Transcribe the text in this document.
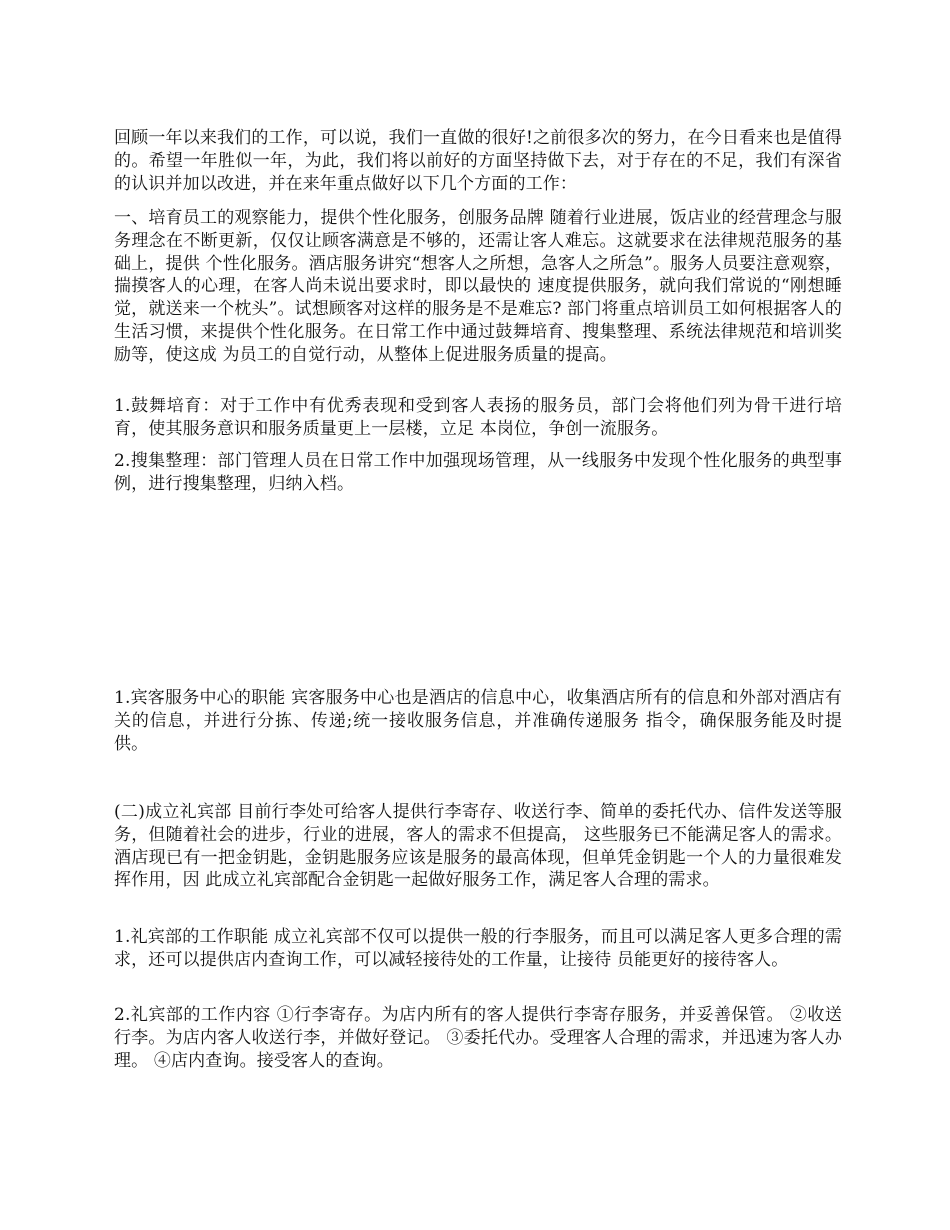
回顾一年以来我们的工作，可以说，我们一直做的很好!之前很多次的努力，在今日看来也是值得的。希望一年胜似一年，为此，我们将以前好的方面坚持做下去，对于存在的不足，我们有深省的认识并加以改进，并在来年重点做好以下几个方面的工作：

一、培育员工的观察能力，提供个性化服务，创服务品牌 随着行业进展，饭店业的经营理念与服务理念在不断更新，仅仅让顾客满意是不够的，还需让客人难忘。这就要求在法律规范服务的基础上，提供 个性化服务。酒店服务讲究“想客人之所想，急客人之所急”。服务人员要注意观察，揣摸客人的心理，在客人尚未说出要求时，即以最快的 速度提供服务，就向我们常说的“刚想睡觉，就送来一个枕头”。试想顾客对这样的服务是不是难忘? 部门将重点培训员工如何根据客人的生活习惯，来提供个性化服务。在日常工作中通过鼓舞培育、搜集整理、系统法律规范和培训奖励等，使这成 为员工的自觉行动，从整体上促进服务质量的提高。

1.鼓舞培育：对于工作中有优秀表现和受到客人表扬的服务员，部门会将他们列为骨干进行培育，使其服务意识和服务质量更上一层楼，立足 本岗位，争创一流服务。

2.搜集整理：部门管理人员在日常工作中加强现场管理，从一线服务中发现个性化服务的典型事例，进行搜集整理，归纳入档。

1.宾客服务中心的职能 宾客服务中心也是酒店的信息中心，收集酒店所有的信息和外部对酒店有关的信息，并进行分拣、传递;统一接收服务信息，并准确传递服务 指令，确保服务能及时提供。

(二)成立礼宾部 目前行李处可给客人提供行李寄存、收送行李、简单的委托代办、信件发送等服务，但随着社会的进步，行业的进展，客人的需求不但提高， 这些服务已不能满足客人的需求。酒店现已有一把金钥匙，金钥匙服务应该是服务的最高体现，但单凭金钥匙一个人的力量很难发挥作用，因 此成立礼宾部配合金钥匙一起做好服务工作，满足客人合理的需求。

1.礼宾部的工作职能 成立礼宾部不仅可以提供一般的行李服务，而且可以满足客人更多合理的需求，还可以提供店内查询工作，可以减轻接待处的工作量，让接待 员能更好的接待客人。

2.礼宾部的工作内容 ①行李寄存。为店内所有的客人提供行李寄存服务，并妥善保管。 ②收送行李。为店内客人收送行李，并做好登记。 ③委托代办。受理客人合理的需求，并迅速为客人办理。 ④店内查询。接受客人的查询。
